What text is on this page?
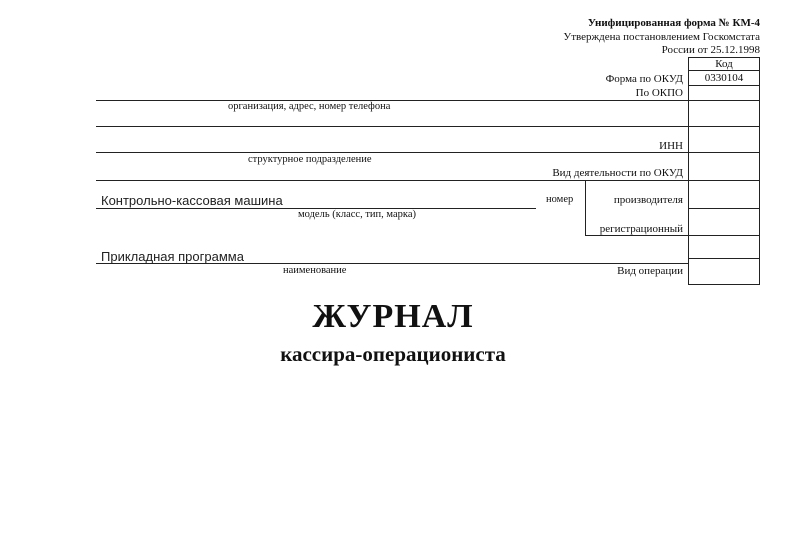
Унифицированная форма № КМ-4
Утверждена постановлением Госкомстата
России от 25.12.1998
Код
0330104
Форма по ОКУД
По ОКПО
ИНН
Вид деятельности по ОКУД
производителя
регистрационный
Вид операции
номер
организация, адрес, номер телефона
структурное подразделение
Контрольно-кассовая машина
модель (класс, тип, марка)
Прикладная программа
наименование
ЖУРНАЛ
кассира-операциониста
